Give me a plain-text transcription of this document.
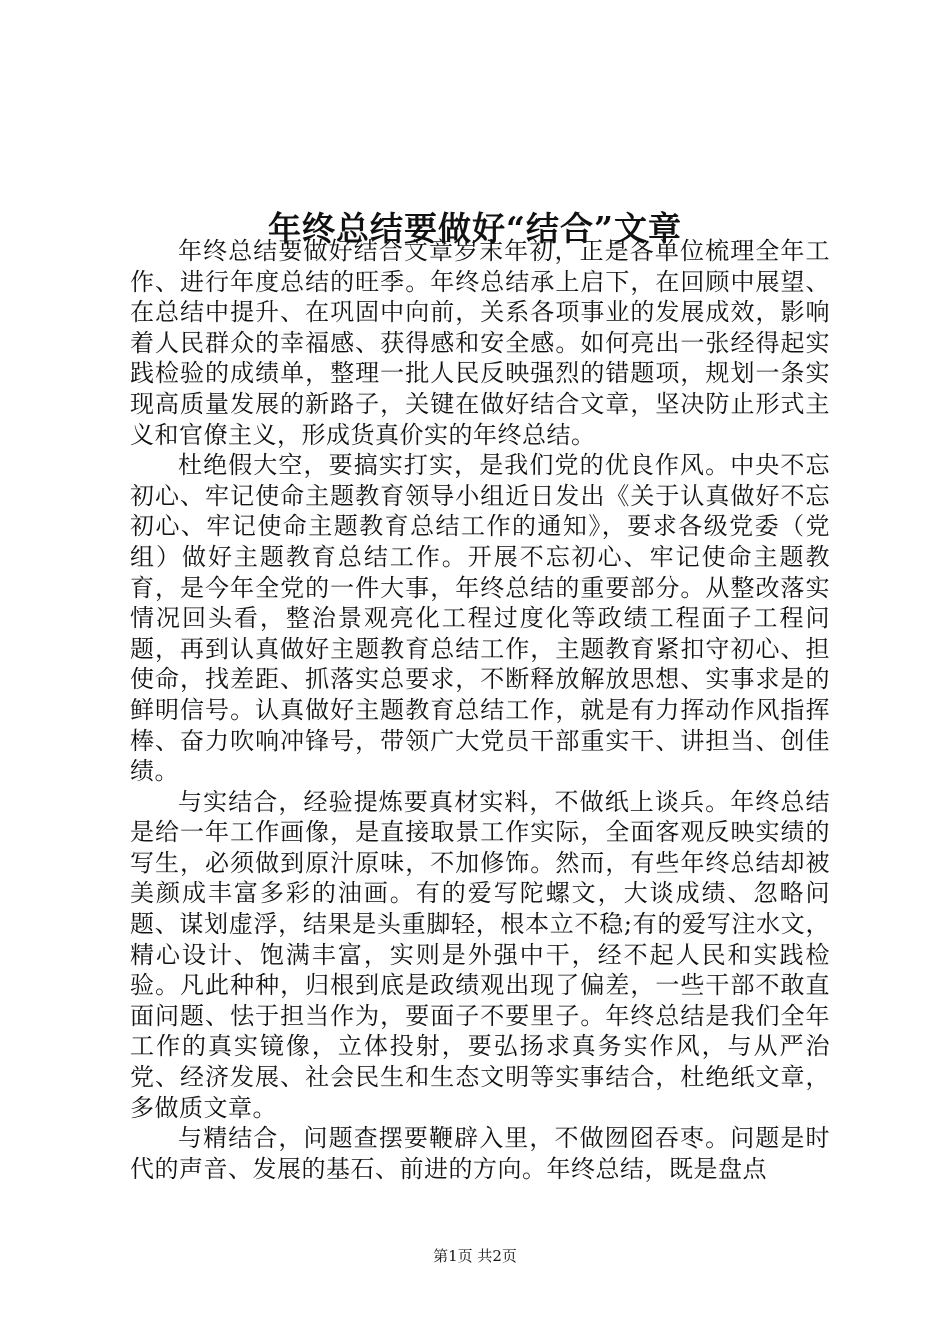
年终总结要做好“结合”文章

年终总结要做好结合文章岁末年初，正是各单位梳理全年工作、进行年度总结的旺季。年终总结承上启下，在回顾中展望、在总结中提升、在巩固中向前，关系各项事业的发展成效，影响着人民群众的幸福感、获得感和安全感。如何亮出一张经得起实践检验的成绩单，整理一批人民反映强烈的错题项，规划一条实现高质量发展的新路子，关键在做好结合文章，坚决防止形式主义和官僚主义，形成货真价实的年终总结。

杜绝假大空，要搞实打实，是我们党的优良作风。中央不忘初心、牢记使命主题教育领导小组近日发出《关于认真做好不忘初心、牢记使命主题教育总结工作的通知》，要求各级党委（党组）做好主题教育总结工作。开展不忘初心、牢记使命主题教育，是今年全党的一件大事，年终总结的重要部分。从整改落实情况回头看，整治景观亮化工程过度化等政绩工程面子工程问题，再到认真做好主题教育总结工作，主题教育紧扣守初心、担使命，找差距、抓落实总要求，不断释放解放思想、实事求是的鲜明信号。认真做好主题教育总结工作，就是有力挥动作风指挥棒、奋力吹响冲锋号，带领广大党员干部重实干、讲担当、创佳绩。

与实结合，经验提炼要真材实料，不做纸上谈兵。年终总结是给一年工作画像，是直接取景工作实际，全面客观反映实绩的写生，必须做到原汁原味，不加修饰。然而，有些年终总结却被美颜成丰富多彩的油画。有的爱写陀螺文，大谈成绩、忽略问题、谋划虚浮，结果是头重脚轻，根本立不稳;有的爱写注水文，精心设计、饱满丰富，实则是外强中干，经不起人民和实践检验。凡此种种，归根到底是政绩观出现了偏差，一些干部不敢直面问题、怯于担当作为，要面子不要里子。年终总结是我们全年工作的真实镜像，立体投射，要弘扬求真务实作风，与从严治党、经济发展、社会民生和生态文明等实事结合，杜绝纸文章，多做质文章。

与精结合，问题查摆要鞭辟入里，不做囫囵吞枣。问题是时代的声音、发展的基石、前进的方向。年终总结，既是盘点

第1页 共2页
